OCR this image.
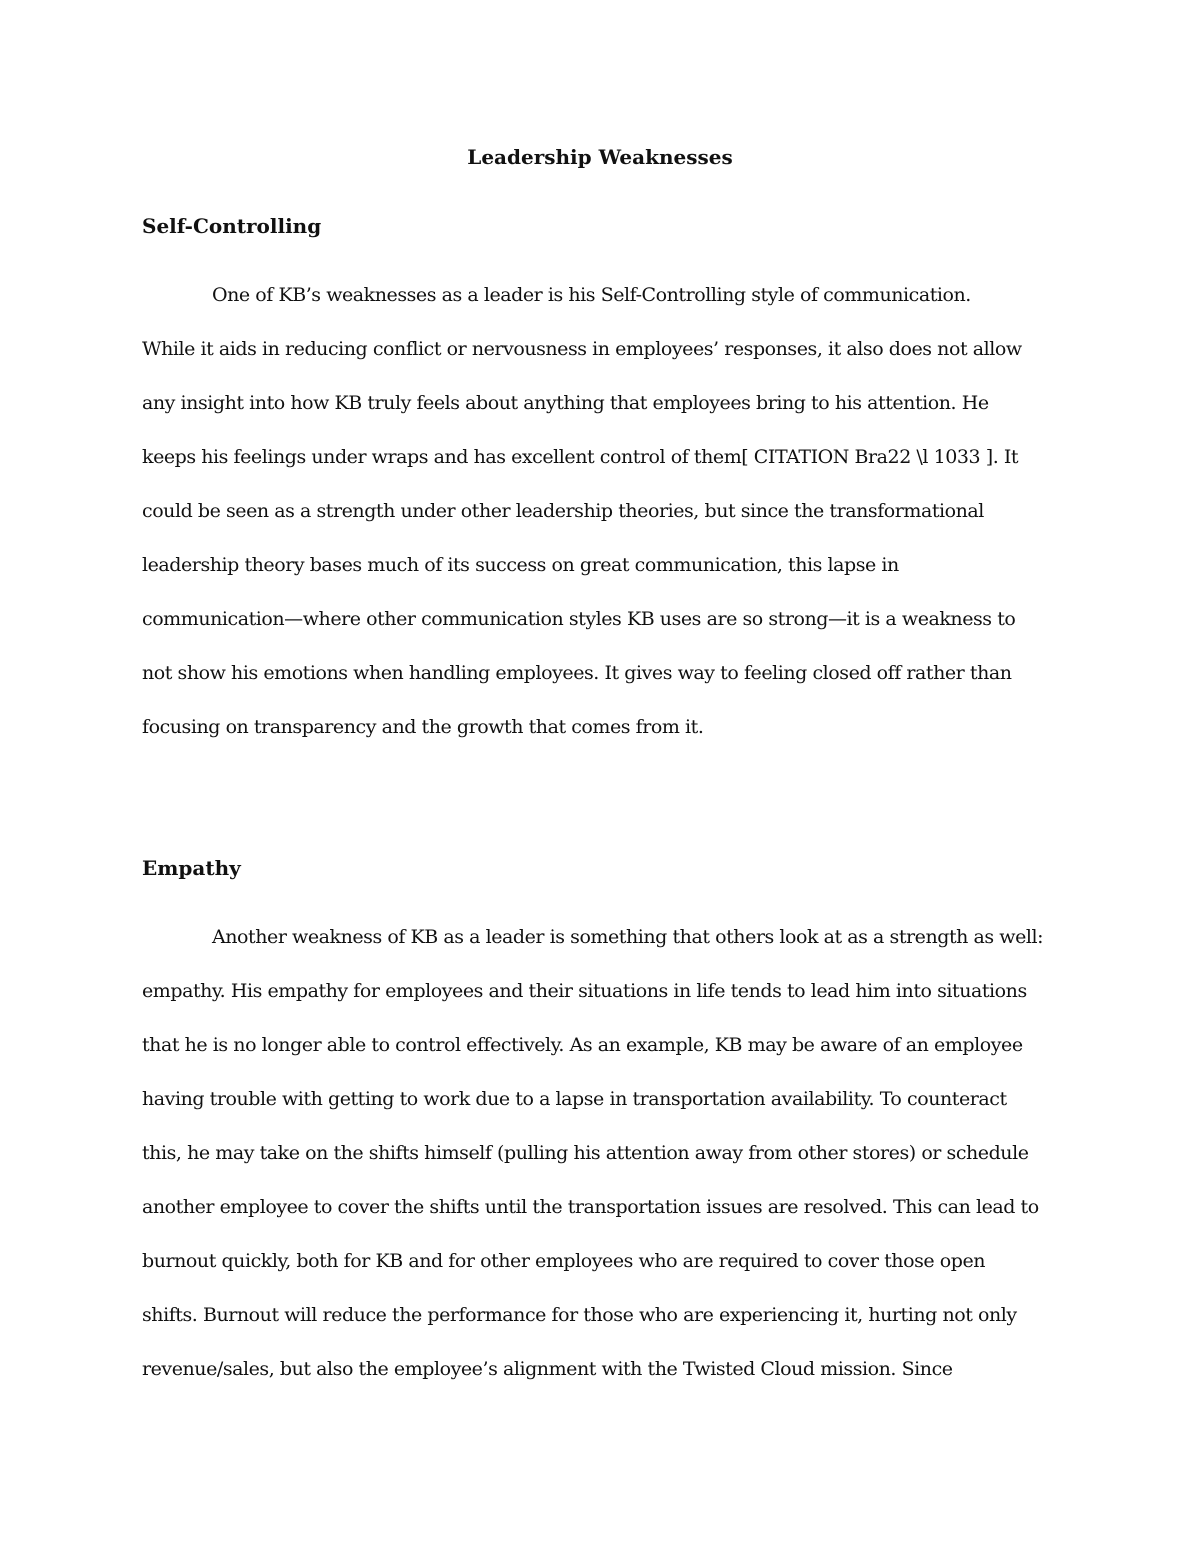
Leadership Weaknesses
Self-Controlling

One of KB’s weaknesses as a leader is his Self-Controlling style of communication.

While it aids in reducing conflict or nervousness in employees’ responses, it also does not allow

any insight into how KB truly feels about anything that employees bring to his attention. He

keeps his feelings under wraps and has excellent control of them[ CITATION Bra22 \l 1033 ]. It

could be seen as a strength under other leadership theories, but since the transformational

leadership theory bases much of its success on great communication, this lapse in

communication—where other communication styles KB uses are so strong—it is a weakness to

not show his emotions when handling employees. It gives way to feeling closed off rather than

focusing on transparency and the growth that comes from it.

Empathy

Another weakness of KB as a leader is something that others look at as a strength as well:

empathy. His empathy for employees and their situations in life tends to lead him into situations

that he is no longer able to control effectively. As an example, KB may be aware of an employee

having trouble with getting to work due to a lapse in transportation availability. To counteract

this, he may take on the shifts himself (pulling his attention away from other stores) or schedule

another employee to cover the shifts until the transportation issues are resolved. This can lead to

burnout quickly, both for KB and for other employees who are required to cover those open

shifts. Burnout will reduce the performance for those who are experiencing it, hurting not only

revenue/sales, but also the employee’s alignment with the Twisted Cloud mission. Since
